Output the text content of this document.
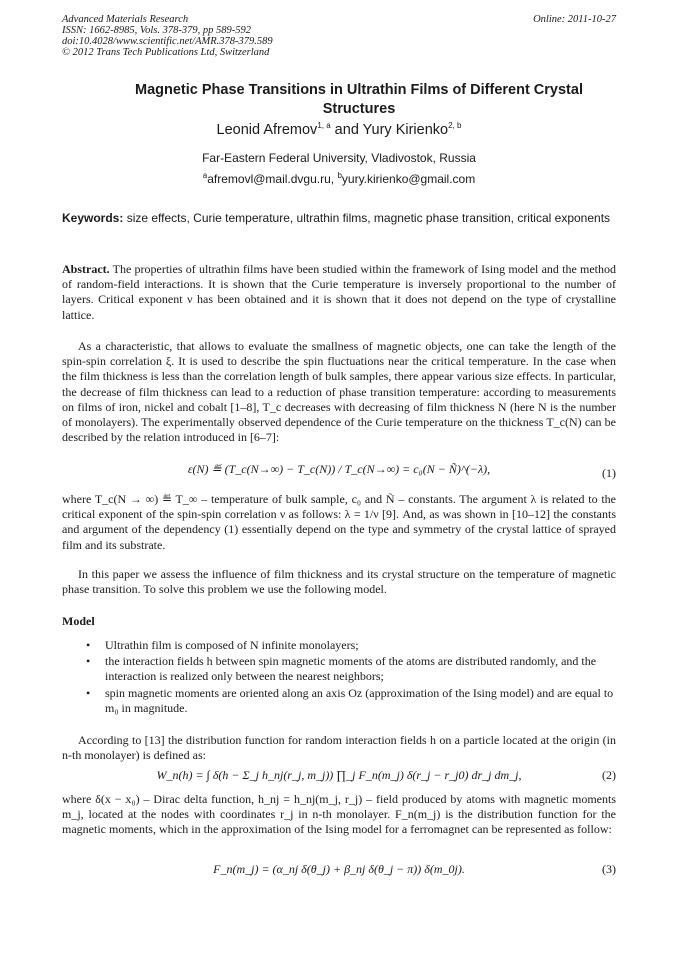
Advanced Materials Research
ISSN: 1662-8985, Vols. 378-379, pp 589-592
doi:10.4028/www.scientific.net/AMR.378-379.589
© 2012 Trans Tech Publications Ltd, Switzerland
Online: 2011-10-27
Magnetic Phase Transitions in Ultrathin Films of Different Crystal Structures
Leonid Afremov$^{1, a}$ and Yury Kirienko$^{2, b}$
Far-Eastern Federal University, Vladivostok, Russia
$^a$afremovl@mail.dvgu.ru, $^b$yury.kirienko@gmail.com
Keywords: size effects, Curie temperature, ultrathin films, magnetic phase transition, critical exponents
Abstract. The properties of ultrathin films have been studied within the framework of Ising model and the method of random-field interactions. It is shown that the Curie temperature is inversely proportional to the number of layers. Critical exponent ν has been obtained and it is shown that it does not depend on the type of crystalline lattice.
As a characteristic, that allows to evaluate the smallness of magnetic objects, one can take the length of the spin-spin correlation ξ. It is used to describe the spin fluctuations near the critical temperature. In the case when the film thickness is less than the correlation length of bulk samples, there appear various size effects. In particular, the decrease of film thickness can lead to a reduction of phase transition temperature: according to measurements on films of iron, nickel and cobalt [1–8], T_c decreases with decreasing of film thickness N (here N is the number of monolayers). The experimentally observed dependence of the Curie temperature on the thickness T_c(N) can be described by the relation introduced in [6–7]:
ε(N) ≝ (T_c(N→∞) − T_c(N)) / T_c(N→∞) = c₀(N − Ñ)^(−λ),	(1)
where T_c(N → ∞) ≝ T_∞ – temperature of bulk sample, c₀ and Ñ – constants. The argument λ is related to the critical exponent of the spin-spin correlation ν as follows: λ = 1/ν [9]. And, as was shown in [10–12] the constants and argument of the dependency (1) essentially depend on the type and symmetry of the crystal lattice of sprayed film and its substrate.
In this paper we assess the influence of film thickness and its crystal structure on the temperature of magnetic phase transition. To solve this problem we use the following model.
Model
• Ultrathin film is composed of N infinite monolayers;
• the interaction fields h between spin magnetic moments of the atoms are distributed randomly, and the interaction is realized only between the nearest neighbors;
• spin magnetic moments are oriented along an axis Oz (approximation of the Ising model) and are equal to m₀ in magnitude.
According to [13] the distribution function for random interaction fields h on a particle located at the origin (in n-th monolayer) is defined as:
W_n(h) = ∫ δ(h − Σ_j h_nj(r_j, m_j)) ∏_j F_n(m_j) δ(r_j − r_j0) dr_j dm_j,	(2)
where δ(x − x₀) – Dirac delta function, h_nj = h_nj(m_j, r_j) – field produced by atoms with magnetic moments m_j, located at the nodes with coordinates r_j in n-th monolayer. F_n(m_j) is the distribution function for the magnetic moments, which in the approximation of the Ising model for a ferromagnet can be represented as follow:
F_n(m_j) = (α_nj δ(θ_j) + β_nj δ(θ_j − π)) δ(m_0j).	(3)
